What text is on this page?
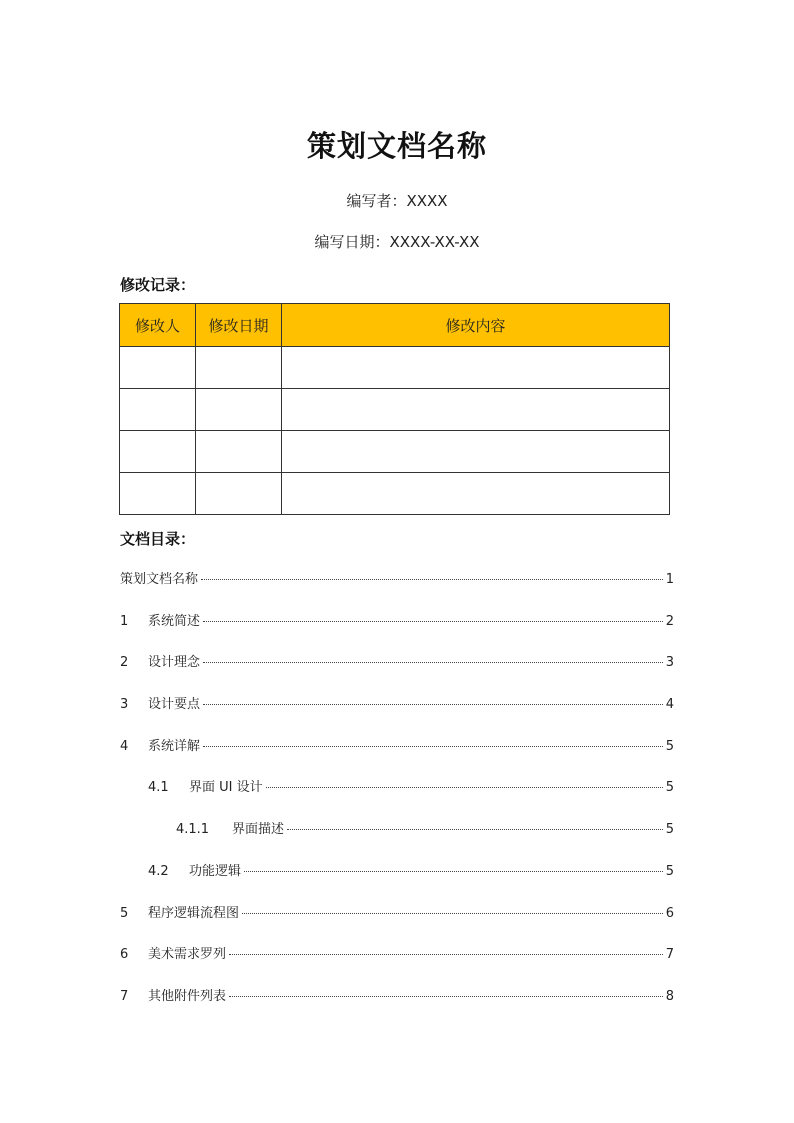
策划文档名称
编写者：XXXX
编写日期：XXXX-XX-XX
修改记录：
修改人	修改日期	修改内容

文档目录：
策划文档名称	1
1	系统简述	2
2	设计理念	3
3	设计要点	4
4	系统详解	5
4.1	界面 UI 设计	5
4.1.1	界面描述	5
4.2	功能逻辑	5
5	程序逻辑流程图	6
6	美术需求罗列	7
7	其他附件列表	8
